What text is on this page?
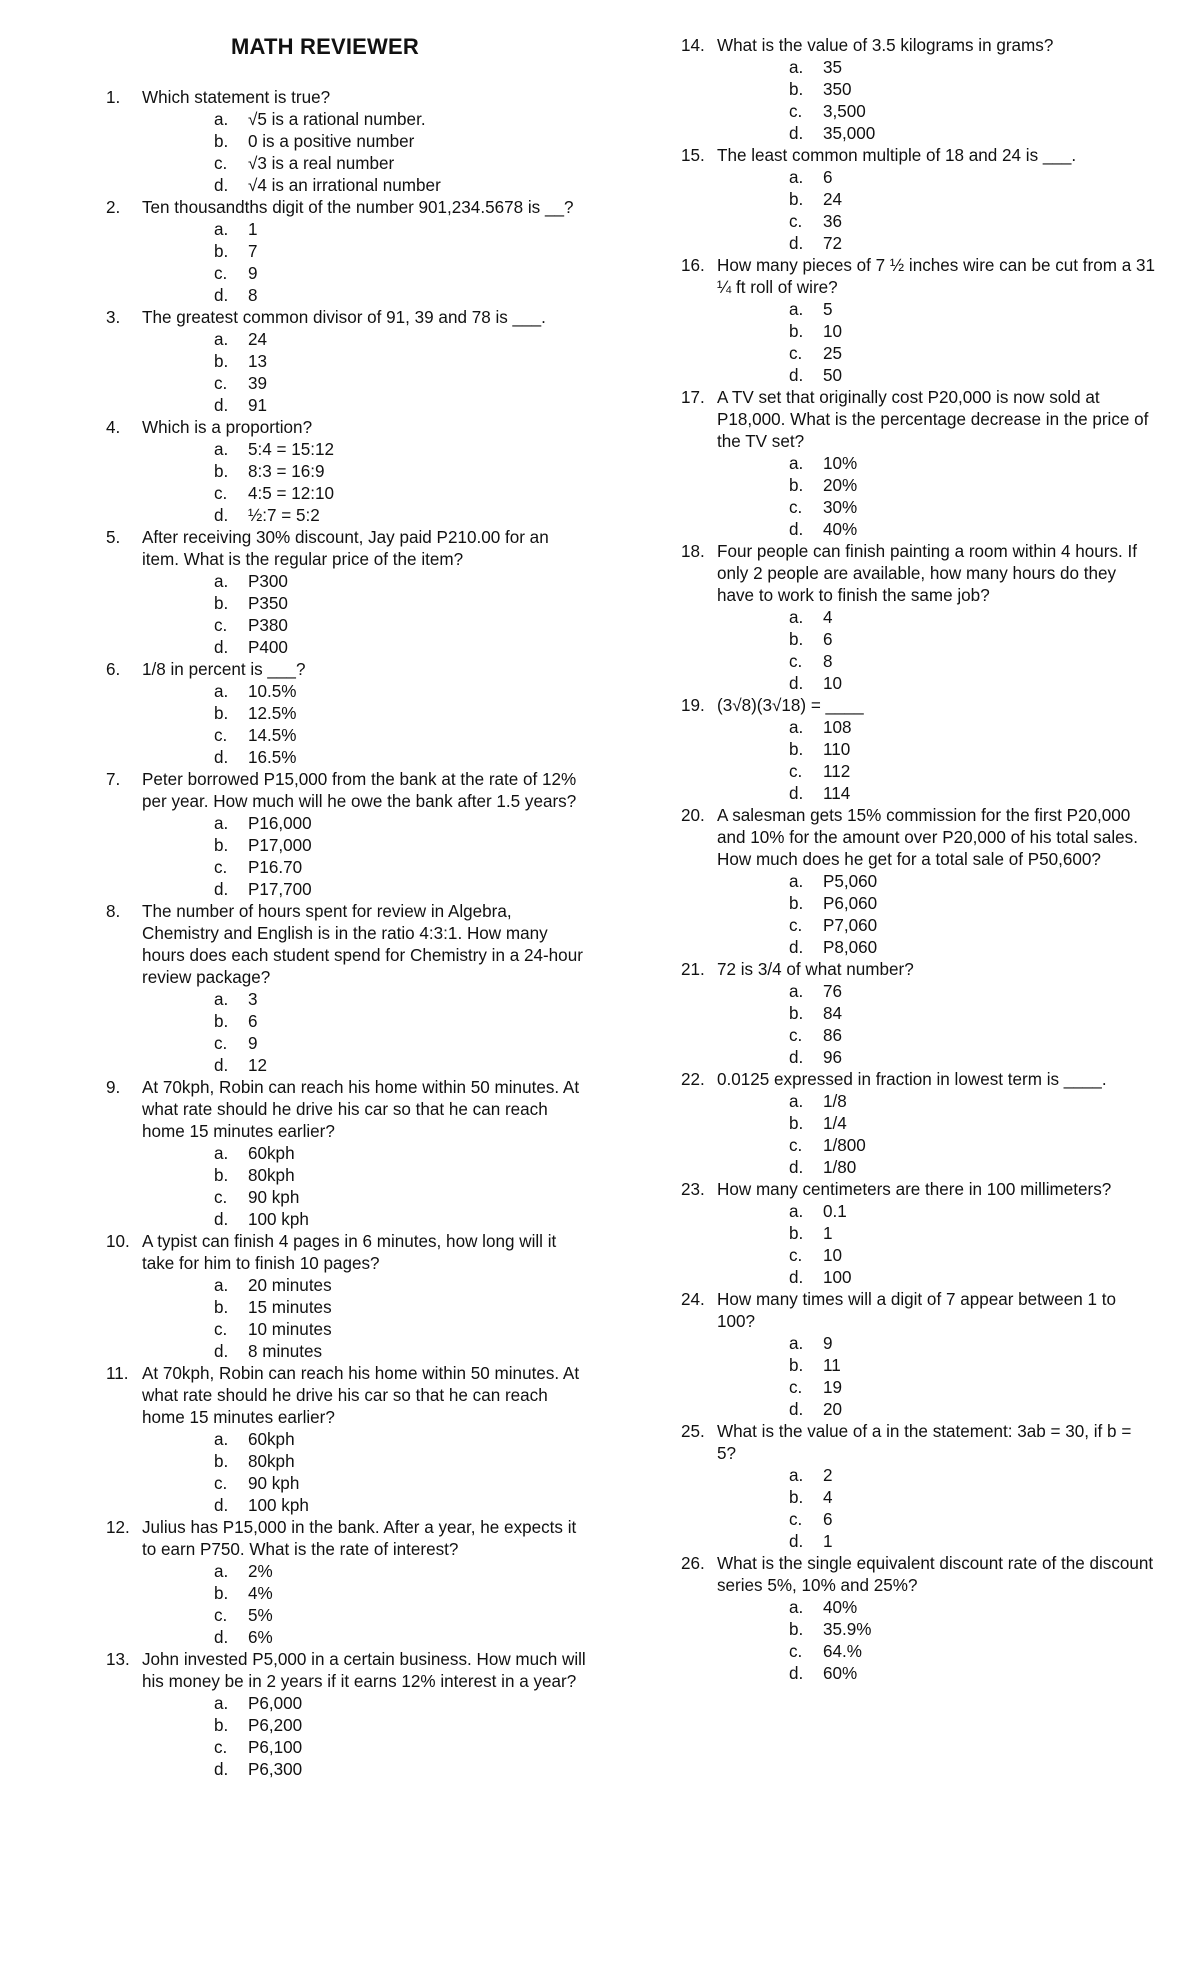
MATH REVIEWER
1. Which statement is true?
a. √5 is a rational number.
b. 0 is a positive number
c. √3 is a real number
d. √4 is an irrational number
2. Ten thousandths digit of the number 901,234.5678 is __?
a. 1
b. 7
c. 9
d. 8
3. The greatest common divisor of 91, 39 and 78 is ___.
a. 24
b. 13
c. 39
d. 91
4. Which is a proportion?
a. 5:4 = 15:12
b. 8:3 = 16:9
c. 4:5 = 12:10
d. ½:7 = 5:2
5. After receiving 30% discount, Jay paid P210.00 for an item. What is the regular price of the item?
a. P300
b. P350
c. P380
d. P400
6. 1/8 in percent is ___?
a. 10.5%
b. 12.5%
c. 14.5%
d. 16.5%
7. Peter borrowed P15,000 from the bank at the rate of 12% per year. How much will he owe the bank after 1.5 years?
a. P16,000
b. P17,000
c. P16.70
d. P17,700
8. The number of hours spent for review in Algebra, Chemistry and English is in the ratio 4:3:1. How many hours does each student spend for Chemistry in a 24-hour review package?
a. 3
b. 6
c. 9
d. 12
9. At 70kph, Robin can reach his home within 50 minutes. At what rate should he drive his car so that he can reach home 15 minutes earlier?
a. 60kph
b. 80kph
c. 90 kph
d. 100 kph
10. A typist can finish 4 pages in 6 minutes, how long will it take for him to finish 10 pages?
a. 20 minutes
b. 15 minutes
c. 10 minutes
d. 8 minutes
11. At 70kph, Robin can reach his home within 50 minutes. At what rate should he drive his car so that he can reach home 15 minutes earlier?
a. 60kph
b. 80kph
c. 90 kph
d. 100 kph
12. Julius has P15,000 in the bank. After a year, he expects it to earn P750. What is the rate of interest?
a. 2%
b. 4%
c. 5%
d. 6%
13. John invested P5,000 in a certain business. How much will his money be in 2 years if it earns 12% interest in a year?
a. P6,000
b. P6,200
c. P6,100
d. P6,300
14. What is the value of 3.5 kilograms in grams?
a. 35
b. 350
c. 3,500
d. 35,000
15. The least common multiple of 18 and 24 is ___.
a. 6
b. 24
c. 36
d. 72
16. How many pieces of 7 ½ inches wire can be cut from a 31 ¼ ft roll of wire?
a. 5
b. 10
c. 25
d. 50
17. A TV set that originally cost P20,000 is now sold at P18,000. What is the percentage decrease in the price of the TV set?
a. 10%
b. 20%
c. 30%
d. 40%
18. Four people can finish painting a room within 4 hours. If only 2 people are available, how many hours do they have to work to finish the same job?
a. 4
b. 6
c. 8
d. 10
19. (3√8)(3√18) = ____
a. 108
b. 110
c. 112
d. 114
20. A salesman gets 15% commission for the first P20,000 and 10% for the amount over P20,000 of his total sales. How much does he get for a total sale of P50,600?
a. P5,060
b. P6,060
c. P7,060
d. P8,060
21. 72 is 3/4 of what number?
a. 76
b. 84
c. 86
d. 96
22. 0.0125 expressed in fraction in lowest term is ____.
a. 1/8
b. 1/4
c. 1/800
d. 1/80
23. How many centimeters are there in 100 millimeters?
a. 0.1
b. 1
c. 10
d. 100
24. How many times will a digit of 7 appear between 1 to 100?
a. 9
b. 11
c. 19
d. 20
25. What is the value of a in the statement: 3ab = 30, if b = 5?
a. 2
b. 4
c. 6
d. 1
26. What is the single equivalent discount rate of the discount series 5%, 10% and 25%?
a. 40%
b. 35.9%
c. 64.%
d. 60%
